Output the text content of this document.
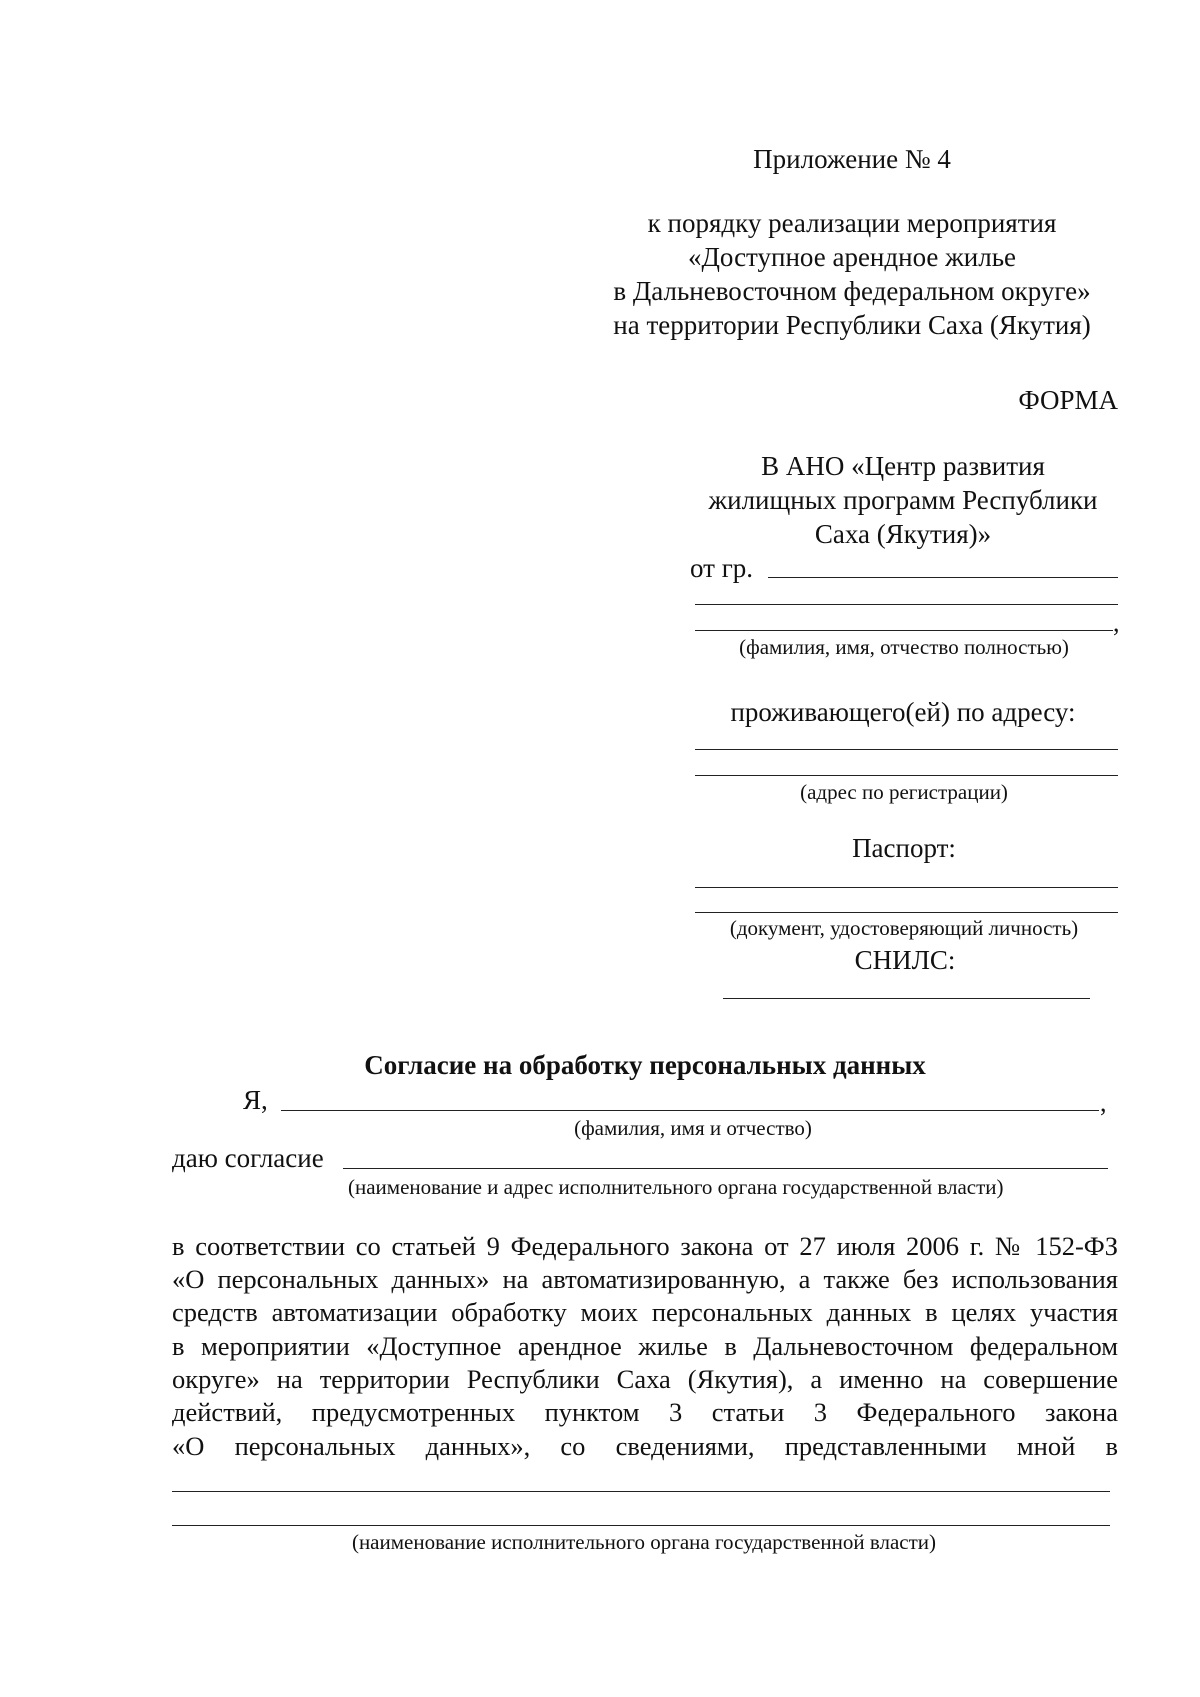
Приложение № 4
к порядку реализации мероприятия
«Доступное арендное жилье
в Дальневосточном федеральном округе»
на территории Республики Саха (Якутия)
ФОРМА
В АНО «Центр развития
жилищных программ Республики
Саха (Якутия)»
от гр.
,
(фамилия, имя, отчество полностью)
проживающего(ей) по адресу:
(адрес по регистрации)
Паспорт:
(документ, удостоверяющий личность)
СНИЛС:
Согласие на обработку персональных данных
Я,	,
(фамилия, имя и отчество)
даю согласие
(наименование и адрес исполнительного органа государственной власти)
в соответствии со статьей 9 Федерального закона от 27 июля 2006 г. № 152-ФЗ
«О персональных данных» на автоматизированную, а также без использования
средств автоматизации обработку моих персональных данных в целях участия
в мероприятии «Доступное арендное жилье в Дальневосточном федеральном
округе» на территории Республики Саха (Якутия), а именно на совершение
действий, предусмотренных пунктом 3 статьи 3 Федерального закона
«О персональных данных», со сведениями, представленными мной в
(наименование исполнительного органа государственной власти)
